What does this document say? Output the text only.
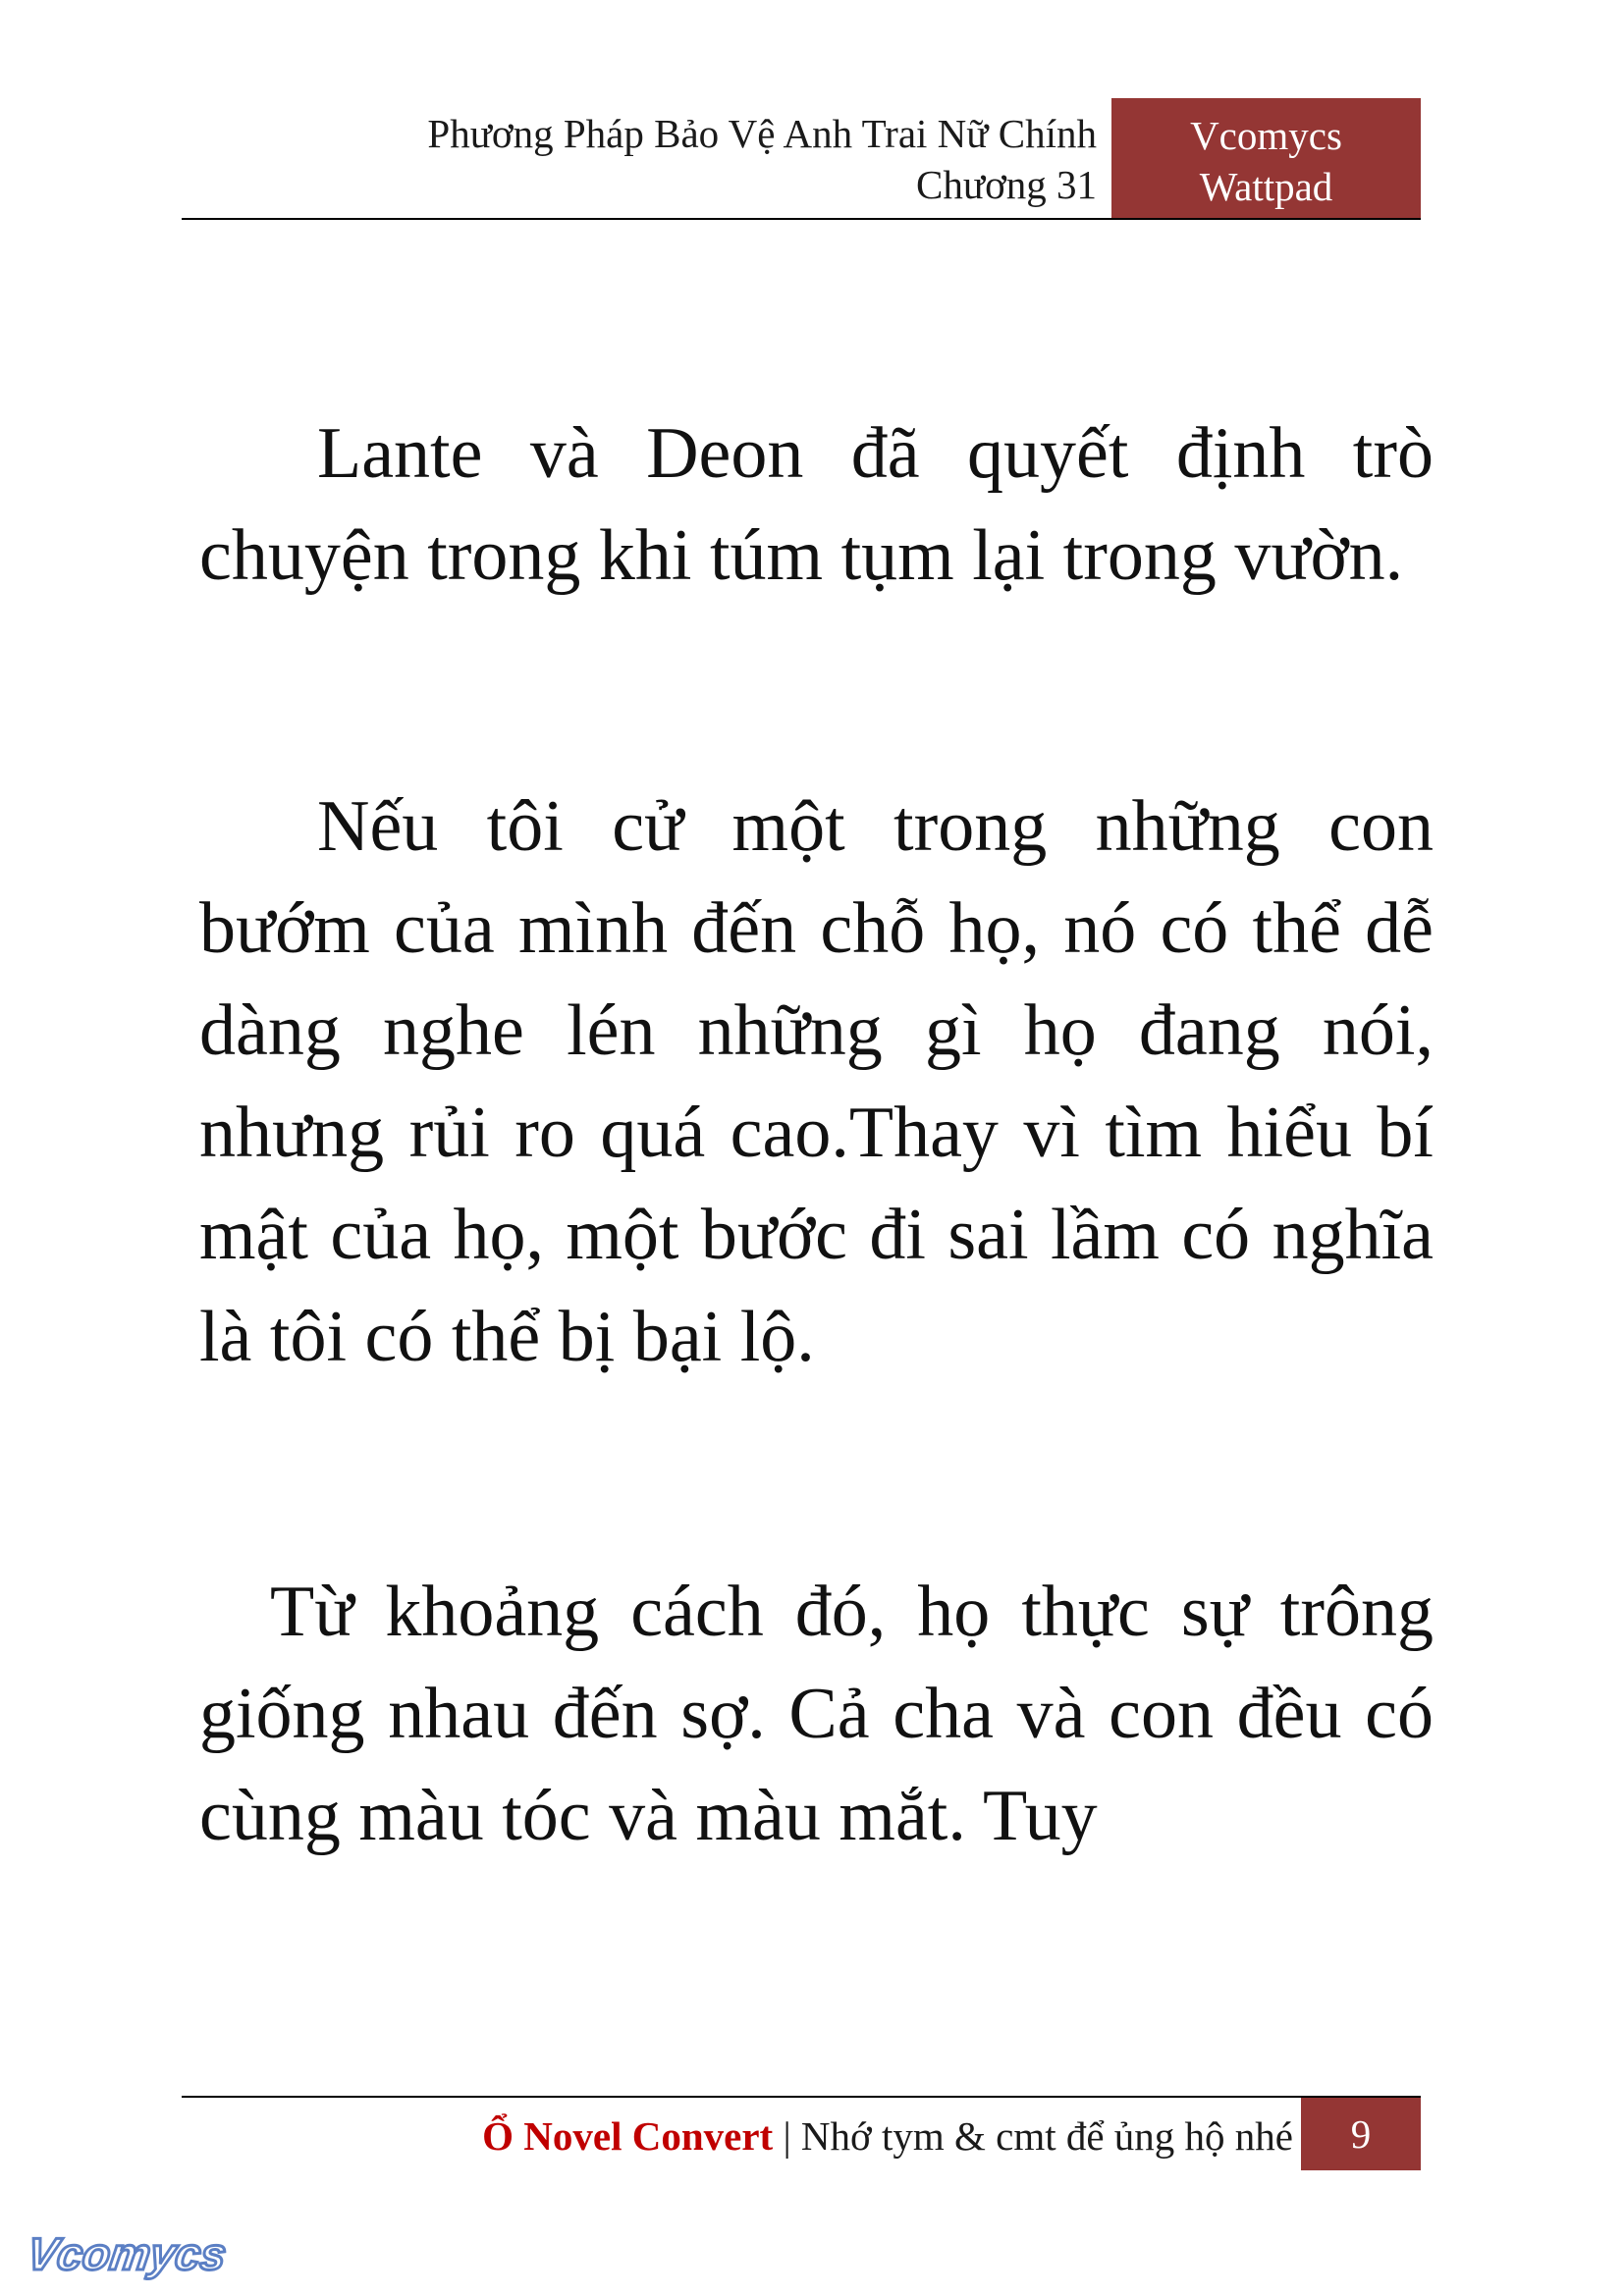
Phương Pháp Bảo Vệ Anh Trai Nữ Chính
Chương 31
Vcomycs
Wattpad

Lante và Deon đã quyết định trò chuyện trong khi túm tụm lại trong vườn.

Nếu tôi cử một trong những con bướm của mình đến chỗ họ, nó có thể dễ dàng nghe lén những gì họ đang nói, nhưng rủi ro quá cao.Thay vì tìm hiểu bí mật của họ, một bước đi sai lầm có nghĩa là tôi có thể bị bại lộ.

Từ khoảng cách đó, họ thực sự trông giống nhau đến sợ. Cả cha và con đều có cùng màu tóc và màu mắt. Tuy

Ổ Novel Convert | Nhớ tym & cmt để ủng hộ nhé	9
Vcomycs
